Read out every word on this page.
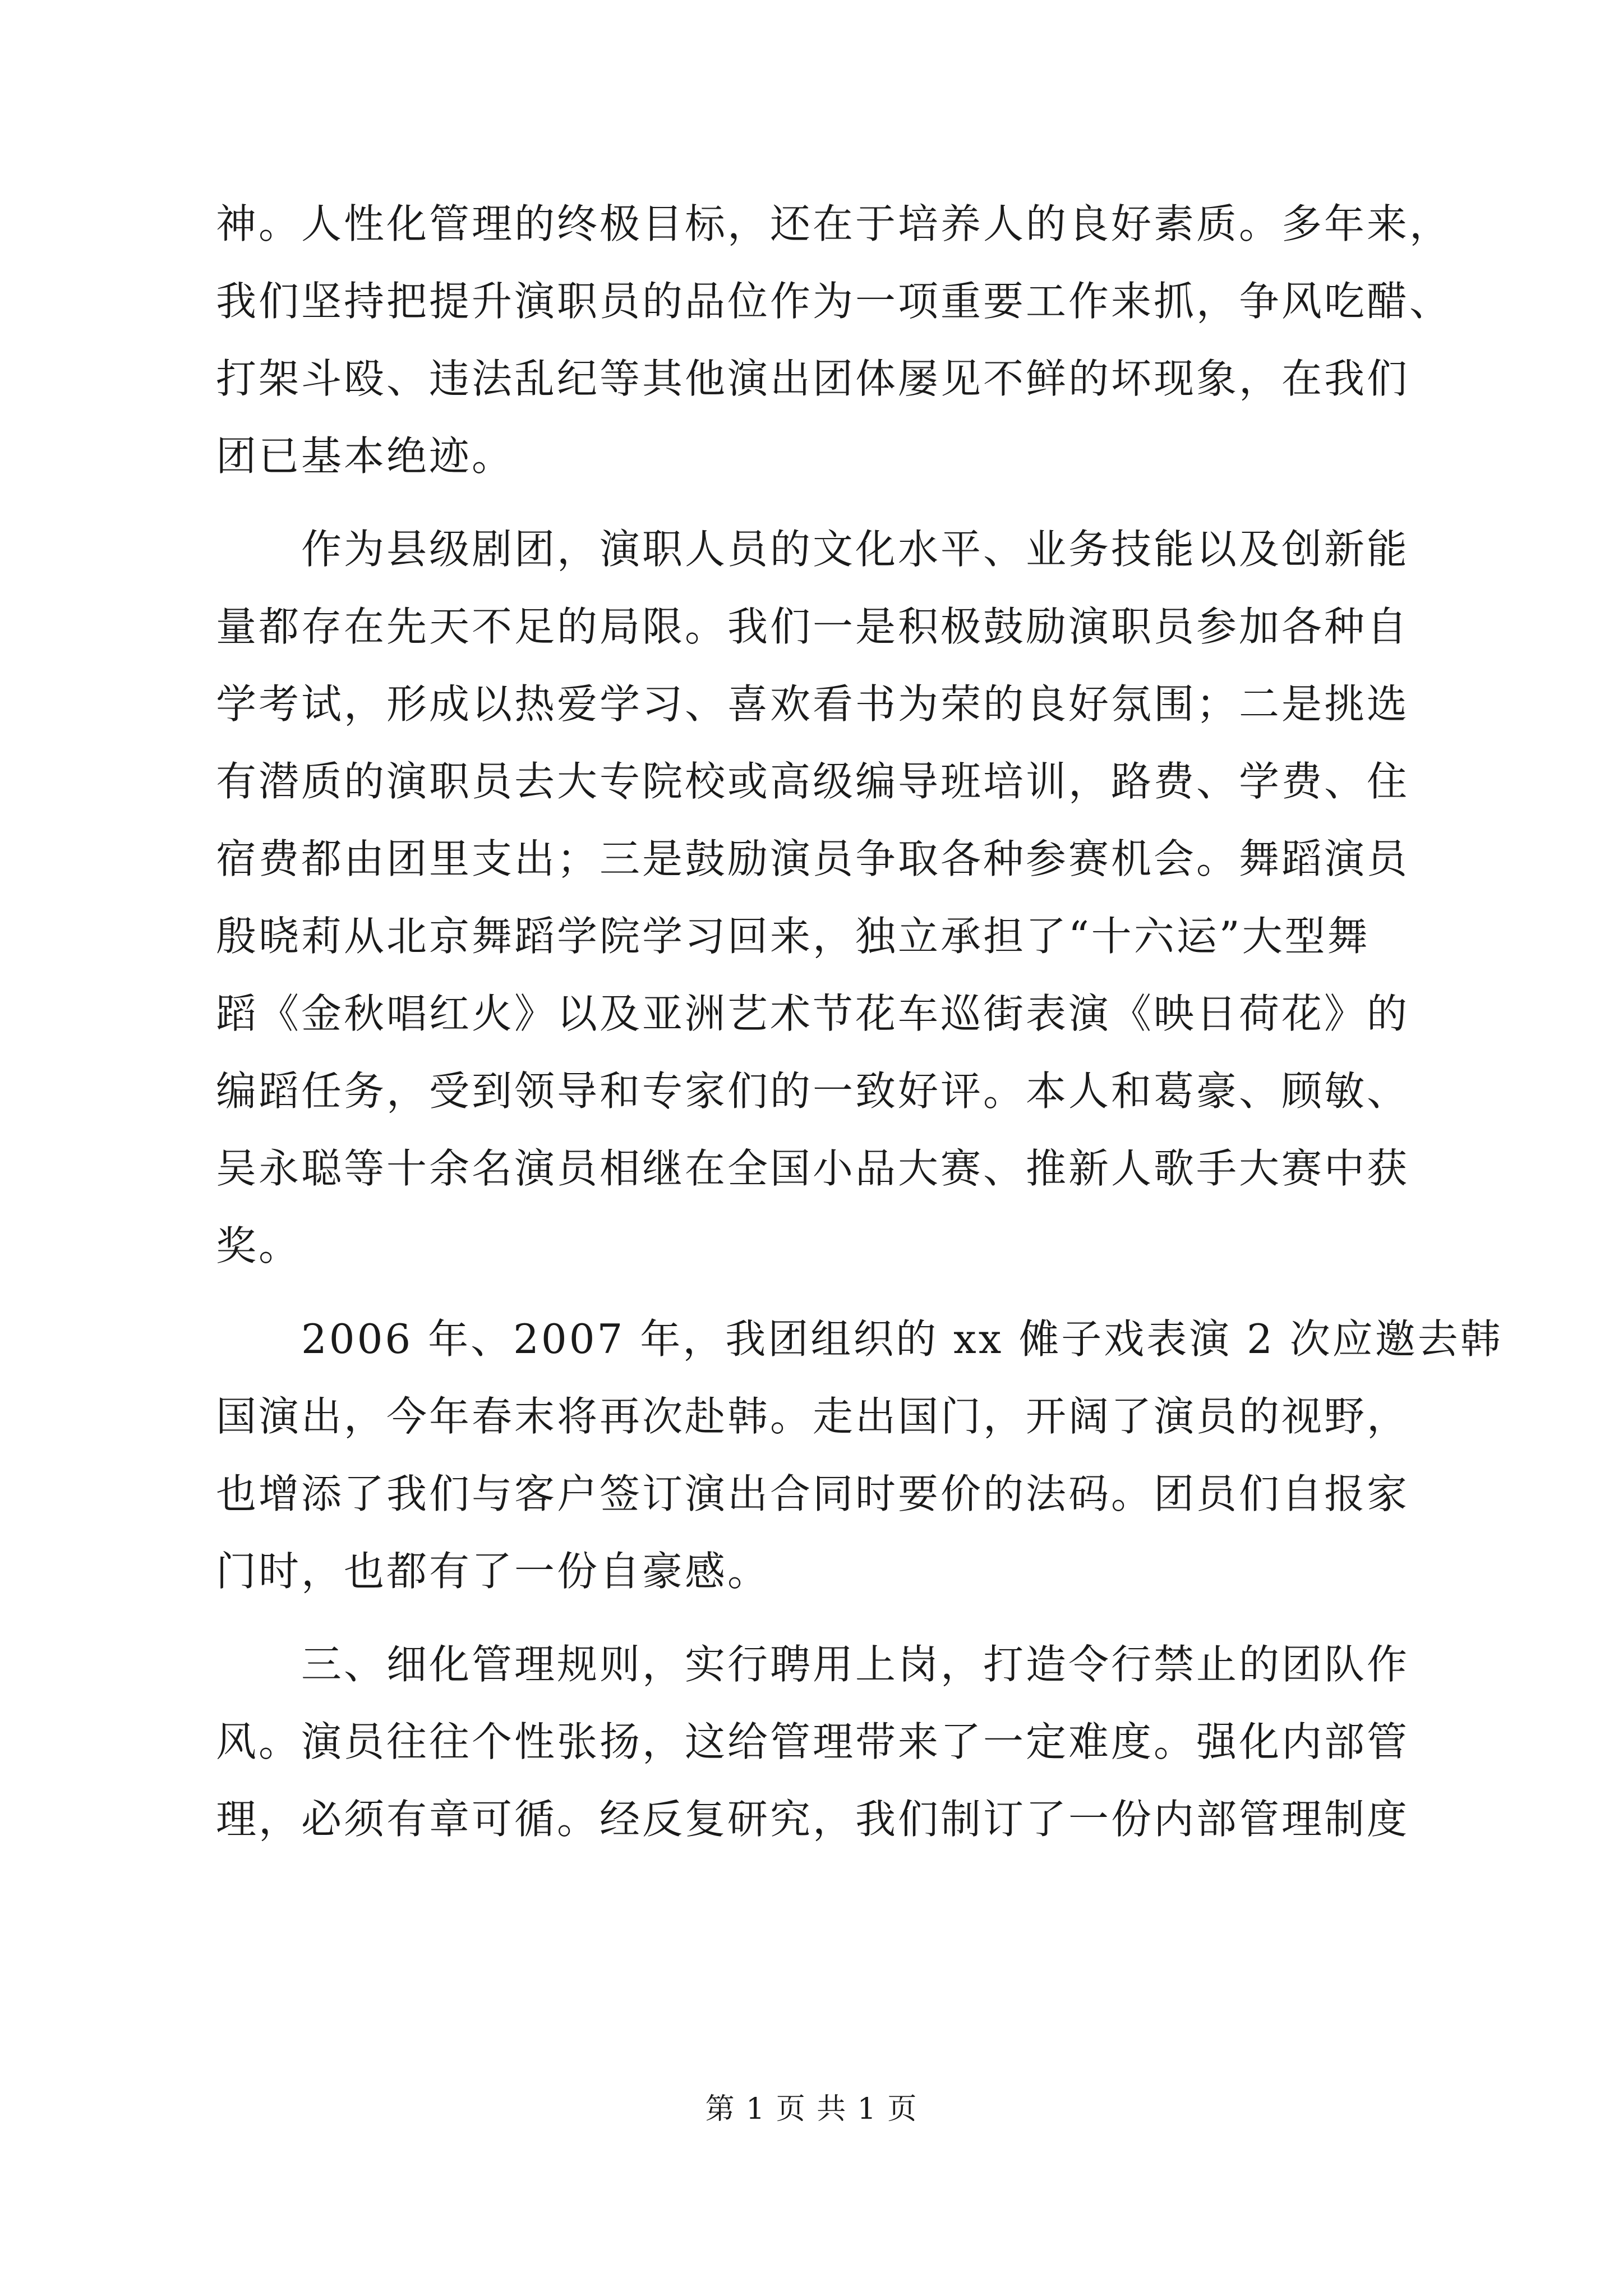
神。人性化管理的终极目标，还在于培养人的良好素质。多年来，
我们坚持把提升演职员的品位作为一项重要工作来抓，争风吃醋、
打架斗殴、违法乱纪等其他演出团体屡见不鲜的坏现象，在我们
团已基本绝迹。
　　作为县级剧团，演职人员的文化水平、业务技能以及创新能
量都存在先天不足的局限。我们一是积极鼓励演职员参加各种自
学考试，形成以热爱学习、喜欢看书为荣的良好氛围；二是挑选
有潜质的演职员去大专院校或高级编导班培训，路费、学费、住
宿费都由团里支出；三是鼓励演员争取各种参赛机会。舞蹈演员
殷晓莉从北京舞蹈学院学习回来，独立承担了“十六运”大型舞
蹈《金秋唱红火》以及亚洲艺术节花车巡街表演《映日荷花》的
编蹈任务，受到领导和专家们的一致好评。本人和葛豪、顾敏、
吴永聪等十余名演员相继在全国小品大赛、推新人歌手大赛中获
奖。
　　2006 年、2007 年，我团组织的 xx 傩子戏表演 2 次应邀去韩
国演出，今年春末将再次赴韩。走出国门，开阔了演员的视野，
也增添了我们与客户签订演出合同时要价的法码。团员们自报家
门时，也都有了一份自豪感。
　　三、细化管理规则，实行聘用上岗，打造令行禁止的团队作
风。演员往往个性张扬，这给管理带来了一定难度。强化内部管
理，必须有章可循。经反复研究，我们制订了一份内部管理制度
第 1 页 共 1 页
